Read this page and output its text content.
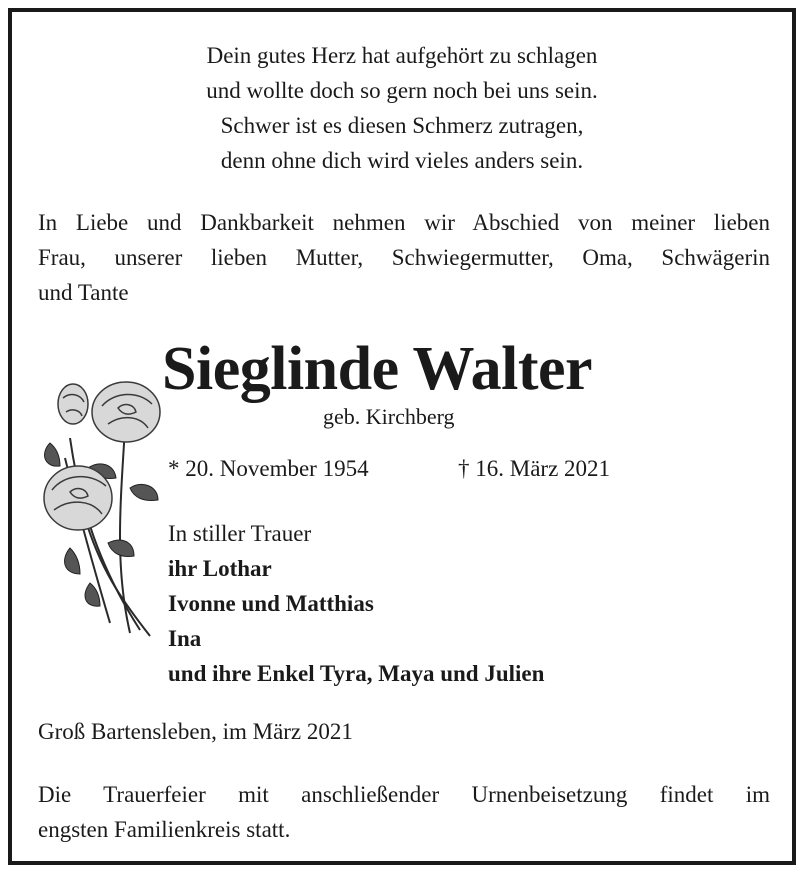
Dein gutes Herz hat aufgehört zu schlagen
und wollte doch so gern noch bei uns sein.
Schwer ist es diesen Schmerz zutragen,
denn ohne dich wird vieles anders sein.
In Liebe und Dankbarkeit nehmen wir Abschied von meiner lieben
Frau, unserer lieben Mutter, Schwiegermutter, Oma, Schwägerin
und Tante
Sieglinde Walter
geb. Kirchberg
* 20. November 1954	† 16. März 2021
In stiller Trauer
ihr Lothar
Ivonne und Matthias
Ina
und ihre Enkel Tyra, Maya und Julien
Groß Bartensleben, im März 2021
Die Trauerfeier mit anschließender Urnenbeisetzung findet im
engsten Familienkreis statt.
